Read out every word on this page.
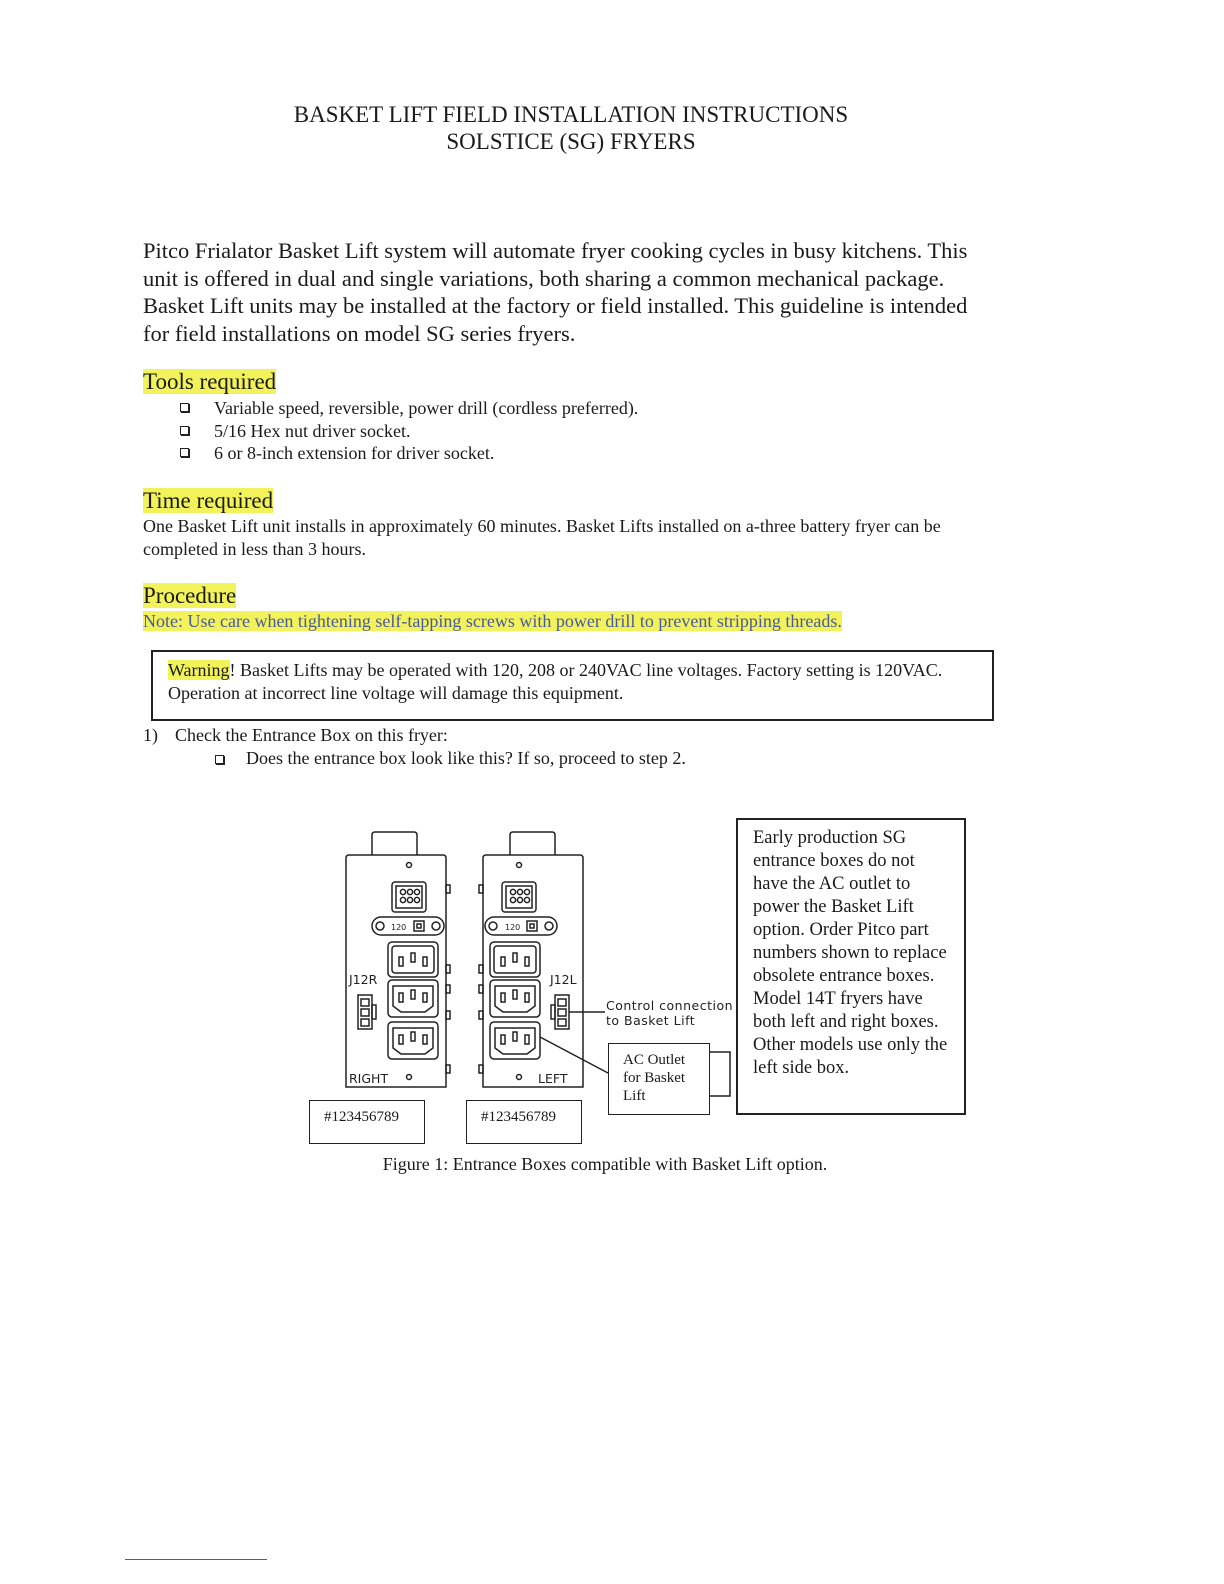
BASKET LIFT FIELD INSTALLATION INSTRUCTIONS
SOLSTICE (SG) FRYERS
Pitco Frialator Basket Lift system will automate fryer cooking cycles in busy kitchens. This unit is offered in dual and single variations, both sharing a common mechanical package. Basket Lift units may be installed at the factory or field installed. This guideline is intended for field installations on model SG series fryers.
Tools required
Variable speed, reversible, power drill (cordless preferred).
5/16 Hex nut driver socket.
6 or 8-inch extension for driver socket.
Time required
One Basket Lift unit installs in approximately 60 minutes. Basket Lifts installed on a-three battery fryer can be completed in less than 3 hours.
Procedure
Note: Use care when tightening self-tapping screws with power drill to prevent stripping threads.
Warning! Basket Lifts may be operated with 120, 208 or 240VAC line voltages. Factory setting is 120VAC. Operation at incorrect line voltage will damage this equipment.
1) Check the Entrance Box on this fryer:
Does the entrance box look like this? If so, proceed to step 2.
J12R
RIGHT
120
J12L
LEFT
120
Control connection
to Basket Lift
#123456789	#123456789
AC Outlet for Basket Lift
Early production SG entrance boxes do not have the AC outlet to power the Basket Lift option. Order Pitco part numbers shown to replace obsolete entrance boxes. Model 14T fryers have both left and right boxes. Other models use only the left side box.
Figure 1: Entrance Boxes compatible with Basket Lift option.
